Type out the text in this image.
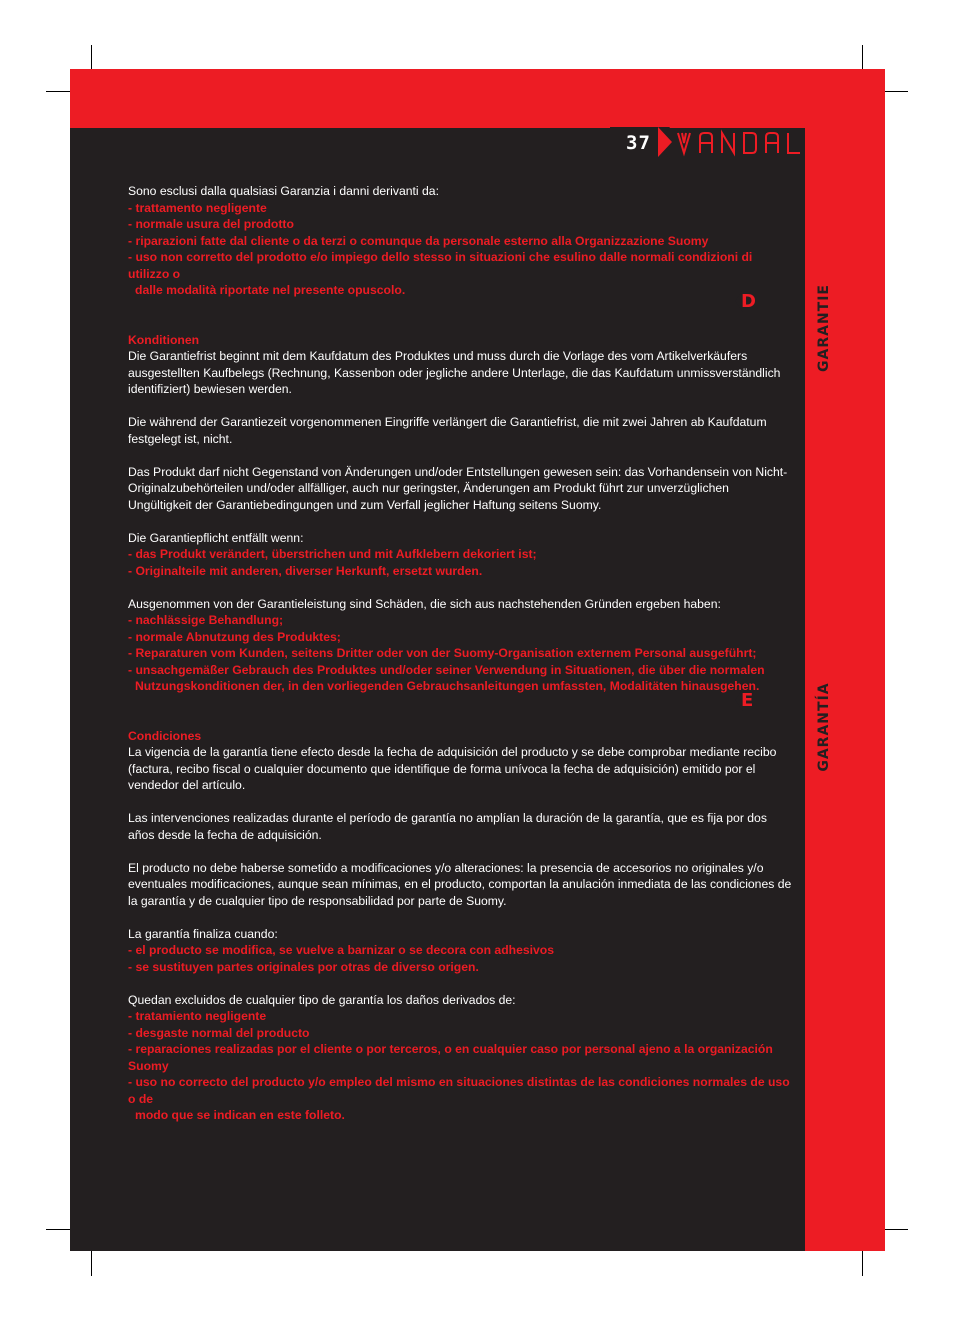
37
D	GARANTIE
E	GARANTÍA
Sono esclusi dalla qualsiasi Garanzia i danni derivanti da:
- trattamento negligente
- normale usura del prodotto
- riparazioni fatte dal cliente o da terzi o comunque da personale esterno alla Organizzazione Suomy
- uso non corretto del prodotto e/o impiego dello stesso in situazioni che esulino dalle normali condizioni di utilizzo o
dalle modalità riportate nel presente opuscolo.
Konditionen

Die Garantiefrist beginnt mit dem Kaufdatum des Produktes und muss durch die Vorlage des vom Artikelverkäufers ausgestellten Kaufbelegs (Rechnung, Kassenbon oder jegliche andere Unterlage, die das Kaufdatum unmissverständlich identifiziert) bewiesen werden.

Die während der Garantiezeit vorgenommenen Eingriffe verlängert die Garantiefrist, die mit zwei Jahren ab Kaufdatum festgelegt ist, nicht.

Das Produkt darf nicht Gegenstand von Änderungen und/oder Entstellungen gewesen sein: das Vorhandensein von Nicht-Originalzubehörteilen und/oder allfälliger, auch nur geringster, Änderungen am Produkt führt zur unverzüglichen Ungültigkeit der Garantiebedingungen und zum Verfall jeglicher Haftung seitens Suomy.

Die Garantiepflicht entfällt wenn:
- das Produkt verändert, überstrichen und mit Aufklebern dekoriert ist;
- Originalteile mit anderen, diverser Herkunft, ersetzt wurden.
Ausgenommen von der Garantieleistung sind Schäden, die sich aus nachstehenden Gründen ergeben haben:
- nachlässige Behandlung;
- normale Abnutzung des Produktes;
- Reparaturen vom Kunden, seitens Dritter oder von der Suomy-Organisation externem Personal ausgeführt;
- unsachgemäßer Gebrauch des Produktes und/oder seiner Verwendung in Situationen, die über die normalen
Nutzungskonditionen der, in den vorliegenden Gebrauchsanleitungen umfassten, Modalitäten hinausgehen.
Condiciones

La vigencia de la garantía tiene efecto desde la fecha de adquisición del producto y se debe comprobar mediante recibo (factura, recibo fiscal o cualquier documento que identifique de forma unívoca la fecha de adquisición) emitido por el vendedor del artículo.

Las intervenciones realizadas durante el período de garantía no amplían la duración de la garantía, que es fija por dos años desde la fecha de adquisición.

El producto no debe haberse sometido a modificaciones y/o alteraciones: la presencia de accesorios no originales y/o eventuales modificaciones, aunque sean mínimas, en el producto, comportan la anulación inmediata de las condiciones de la garantía y de cualquier tipo de responsabilidad por parte de Suomy.

La garantía finaliza cuando:
- el producto se modifica, se vuelve a barnizar o se decora con adhesivos
- se sustituyen partes originales por otras de diverso origen.
Quedan excluidos de cualquier tipo de garantía los daños derivados de:
- tratamiento negligente
- desgaste normal del producto
- reparaciones realizadas por el cliente o por terceros, o en cualquier caso por personal ajeno a la organización Suomy
- uso no correcto del producto y/o empleo del mismo en situaciones distintas de las condiciones normales de uso o de
modo que se indican en este folleto.
